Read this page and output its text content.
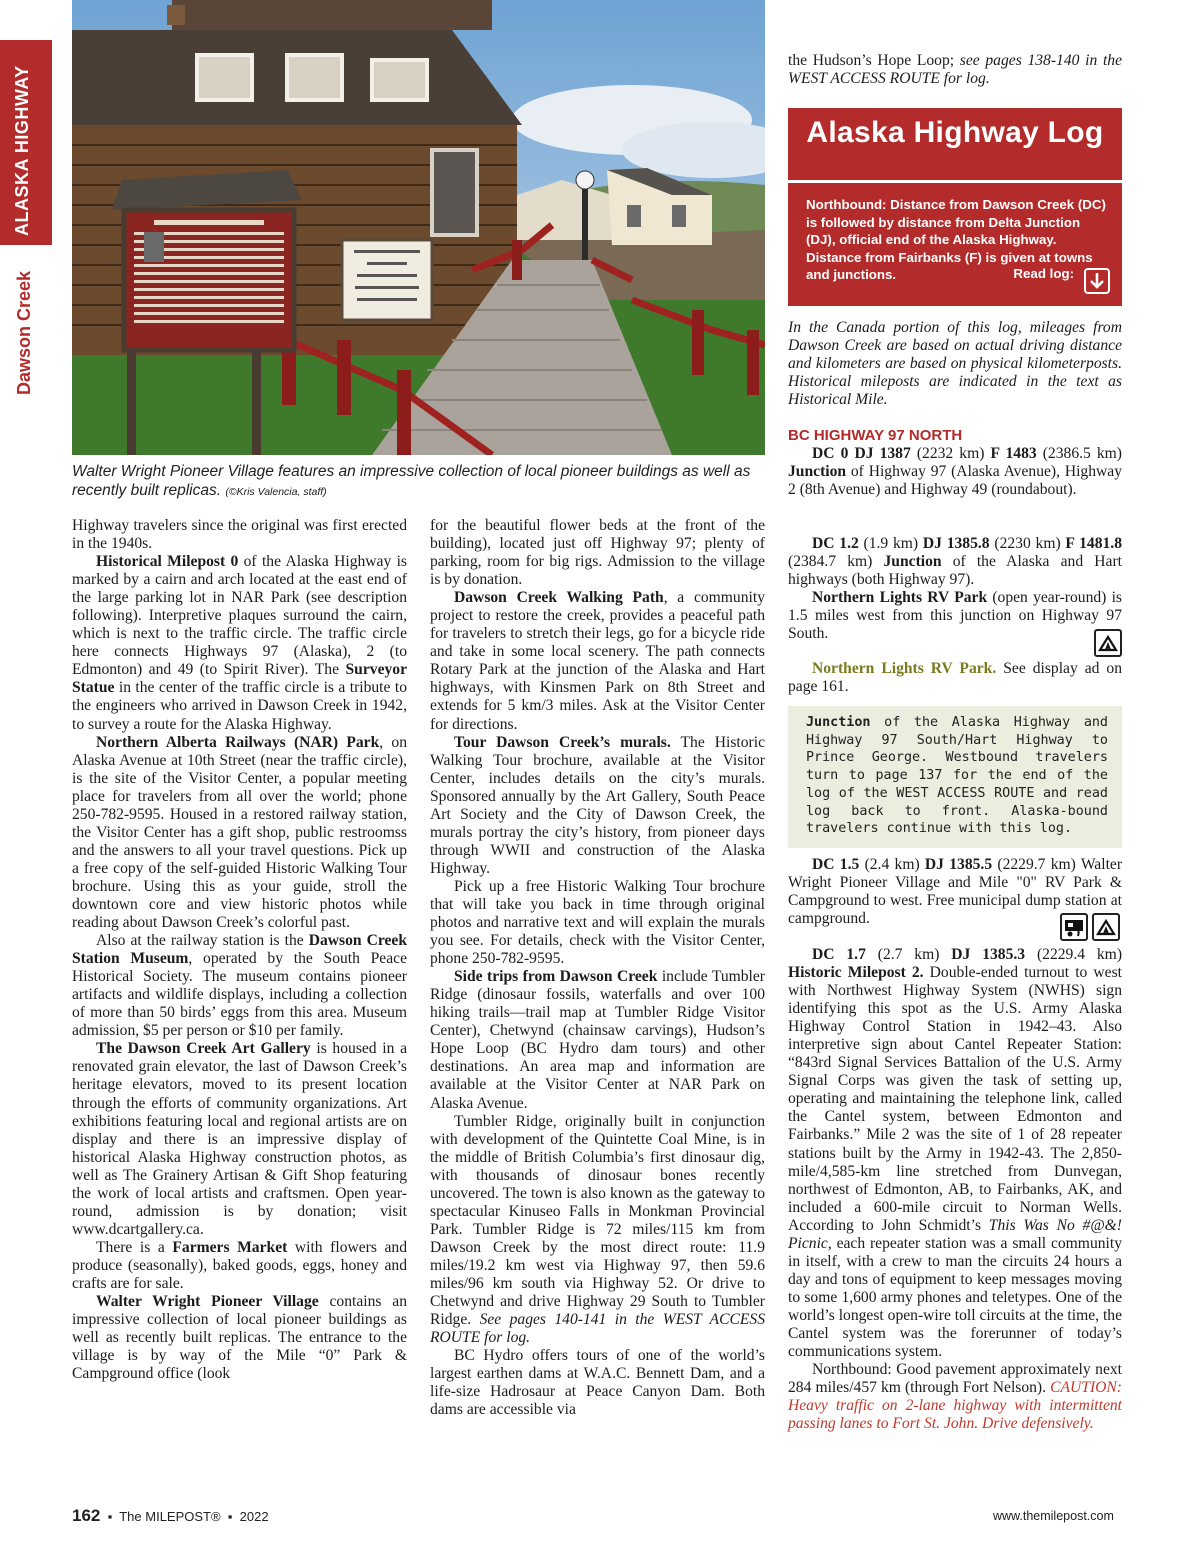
ALASKA HIGHWAY
Dawson Creek
Walter Wright Pioneer Village features an impressive collection of local pioneer buildings as well as recently built replicas. (©Kris Valencia, staff)

Highway travelers since the original was first erected in the 1940s.

Historical Milepost 0 of the Alaska Highway is marked by a cairn and arch located at the east end of the large parking lot in NAR Park (see description following). Interpretive plaques surround the cairn, which is next to the traffic circle. The traffic circle here connects Highways 97 (Alaska), 2 (to Edmonton) and 49 (to Spirit River). The Surveyor Statue in the center of the traffic circle is a tribute to the engineers who arrived in Dawson Creek in 1942, to survey a route for the Alaska Highway.

Northern Alberta Railways (NAR) Park, on Alaska Avenue at 10th Street (near the traffic circle), is the site of the Visitor Center, a popular meeting place for travelers from all over the world; phone 250-782-9595. Housed in a restored railway station, the Visitor Center has a gift shop, public restroomss and the answers to all your travel questions. Pick up a free copy of the self-guided Historic Walking Tour brochure. Using this as your guide, stroll the downtown core and view historic photos while reading about Dawson Creek’s colorful past.

Also at the railway station is the Dawson Creek Station Museum, operated by the South Peace Historical Society. The museum contains pioneer artifacts and wildlife displays, including a collection of more than 50 birds’ eggs from this area. Museum admission, $5 per person or $10 per family.

The Dawson Creek Art Gallery is housed in a renovated grain elevator, the last of Dawson Creek’s heritage elevators, moved to its present location through the efforts of community organizations. Art exhibitions featuring local and regional artists are on display and there is an impressive display of historical Alaska Highway construction photos, as well as The Grainery Artisan & Gift Shop featuring the work of local artists and craftsmen. Open year-round, admission is by donation; visit www.dcartgallery.ca.

There is a Farmers Market with flowers and produce (seasonally), baked goods, eggs, honey and crafts are for sale.

Walter Wright Pioneer Village contains an impressive collection of local pioneer buildings as well as recently built replicas. The entrance to the village is by way of the Mile “0” Park & Campground office (look

for the beautiful flower beds at the front of the building), located just off Highway 97; plenty of parking, room for big rigs. Admission to the village is by donation.

Dawson Creek Walking Path, a community project to restore the creek, provides a peaceful path for travelers to stretch their legs, go for a bicycle ride and take in some local scenery. The path connects Rotary Park at the junction of the Alaska and Hart highways, with Kinsmen Park on 8th Street and extends for 5 km/3 miles. Ask at the Visitor Center for directions.

Tour Dawson Creek’s murals. The Historic Walking Tour brochure, available at the Visitor Center, includes details on the city’s murals. Sponsored annually by the Art Gallery, South Peace Art Society and the City of Dawson Creek, the murals portray the city’s history, from pioneer days through WWII and construction of the Alaska Highway.

Pick up a free Historic Walking Tour brochure that will take you back in time through original photos and narrative text and will explain the murals you see. For details, check with the Visitor Center, phone 250-782-9595.

Side trips from Dawson Creek include Tumbler Ridge (dinosaur fossils, waterfalls and over 100 hiking trails—trail map at Tumbler Ridge Visitor Center), Chetwynd (chainsaw carvings), Hudson’s Hope Loop (BC Hydro dam tours) and other destinations. An area map and information are available at the Visitor Center at NAR Park on Alaska Avenue.

Tumbler Ridge, originally built in conjunction with development of the Quintette Coal Mine, is in the middle of British Columbia’s first dinosaur dig, with thousands of dinosaur bones recently uncovered. The town is also known as the gateway to spectacular Kinuseo Falls in Monkman Provincial Park. Tumbler Ridge is 72 miles/115 km from Dawson Creek by the most direct route: 11.9 miles/19.2 km west via Highway 97, then 59.6 miles/96 km south via Highway 52. Or drive to Chetwynd and drive Highway 29 South to Tumbler Ridge. See pages 140-141 in the WEST ACCESS ROUTE for log.

BC Hydro offers tours of one of the world’s largest earthen dams at W.A.C. Bennett Dam, and a life-size Hadrosaur at Peace Canyon Dam. Both dams are accessible via

the Hudson’s Hope Loop; see pages 138-140 in the WEST ACCESS ROUTE for log.

Alaska Highway Log
Northbound: Distance from Dawson Creek (DC) is followed by distance from Delta Junction (DJ), official end of the Alaska Highway. Distance from Fairbanks (F) is given at towns and junctions.	Read log:
In the Canada portion of this log, mileages from Dawson Creek are based on actual driving distance and kilometers are based on physical kilometerposts. Historical mileposts are indicated in the text as Historical Mile.
BC HIGHWAY 97 NORTH

DC 0 DJ 1387 (2232 km) F 1483 (2386.5 km) Junction of Highway 97 (Alaska Avenue), Highway 2 (8th Avenue) and Highway 49 (roundabout).

DC 1.2 (1.9 km) DJ 1385.8 (2230 km) F 1481.8 (2384.7 km) Junction of the Alaska and Hart highways (both Highway 97).

Northern Lights RV Park (open year-round) is 1.5 miles west from this junction on Highway 97 South.

Northern Lights RV Park. See display ad on page 161.

Junction of the Alaska Highway and Highway 97 South/Hart Highway to Prince George. Westbound travelers turn to page 137 for the end of the log of the WEST ACCESS ROUTE and read log back to front. Alaska-bound travelers continue with this log.

DC 1.5 (2.4 km) DJ 1385.5 (2229.7 km) Walter Wright Pioneer Village and Mile "0" RV Park & Campground to west. Free municipal dump station at campground.

DC 1.7 (2.7 km) DJ 1385.3 (2229.4 km) Historic Milepost 2. Double-ended turnout to west with Northwest Highway System (NWHS) sign identifying this spot as the U.S. Army Alaska Highway Control Station in 1942–43. Also interpretive sign about Cantel Repeater Station: “843rd Signal Services Battalion of the U.S. Army Signal Corps was given the task of setting up, operating and maintaining the telephone link, called the Cantel system, between Edmonton and Fairbanks.” Mile 2 was the site of 1 of 28 repeater stations built by the Army in 1942-43. The 2,850-mile/4,585-km line stretched from Dunvegan, northwest of Edmonton, AB, to Fairbanks, AK, and included a 600-mile circuit to Norman Wells. According to John Schmidt’s This Was No #@&! Picnic, each repeater station was a small community in itself, with a crew to man the circuits 24 hours a day and tons of equipment to keep messages moving to some 1,600 army phones and teletypes. One of the world’s longest open-wire toll circuits at the time, the Cantel system was the forerunner of today’s communications system.

Northbound: Good pavement approximately next 284 miles/457 km (through Fort Nelson). CAUTION: Heavy traffic on 2-lane highway with intermittent passing lanes to Fort St. John. Drive defensively.

162  ▪  The MILEPOST®  ▪  2022	www.themilepost.com
